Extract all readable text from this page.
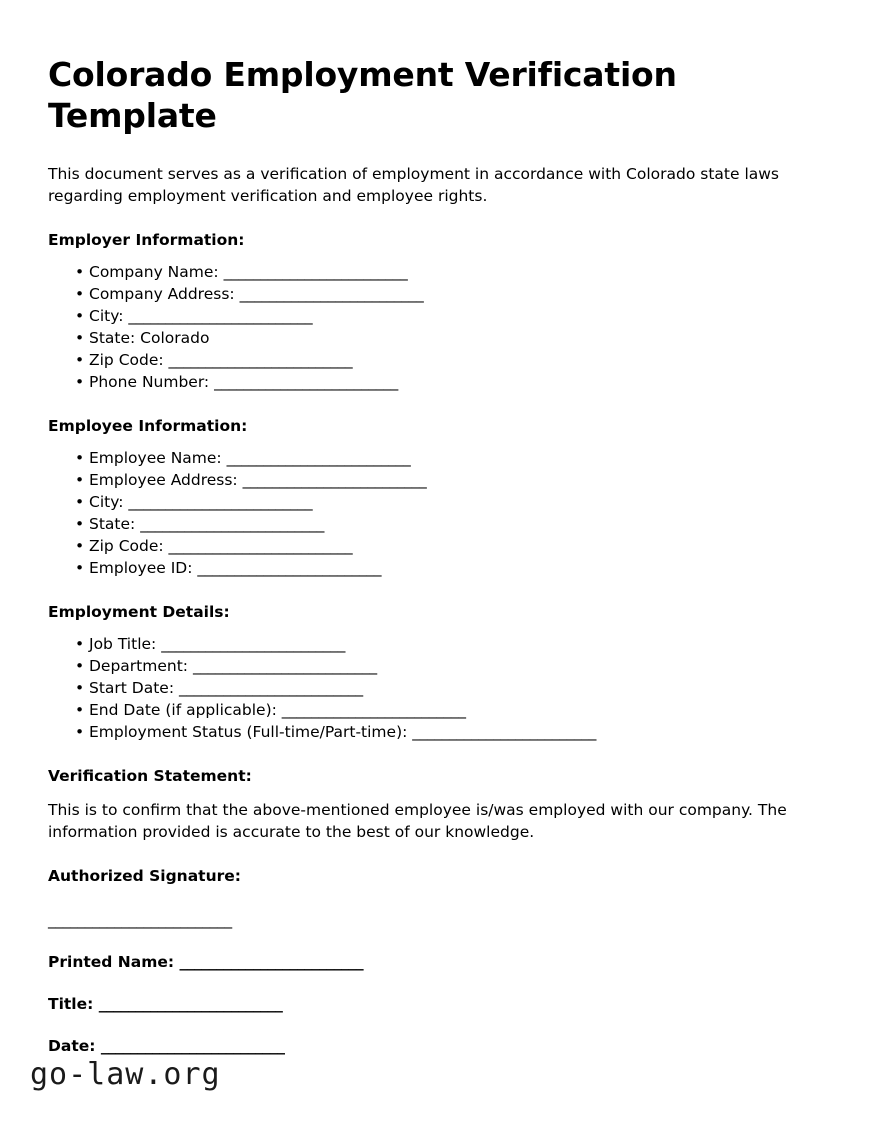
Colorado Employment Verification Template

This document serves as a verification of employment in accordance with Colorado state laws regarding employment verification and employee rights.

Employer Information:
• Company Name: _________________________
• Company Address: _________________________
• City: _________________________
• State: Colorado
• Zip Code: _________________________
• Phone Number: _________________________
Employee Information:
• Employee Name: _________________________
• Employee Address: _________________________
• City: _________________________
• State: _________________________
• Zip Code: _________________________
• Employee ID: _________________________
Employment Details:
• Job Title: _________________________
• Department: _________________________
• Start Date: _________________________
• End Date (if applicable): _________________________
• Employment Status (Full-time/Part-time): _________________________
Verification Statement:

This is to confirm that the above-mentioned employee is/was employed with our company. The information provided is accurate to the best of our knowledge.

Authorized Signature:
_________________________
Printed Name: _________________________
Title: _________________________
Date: _________________________
go-law.org
